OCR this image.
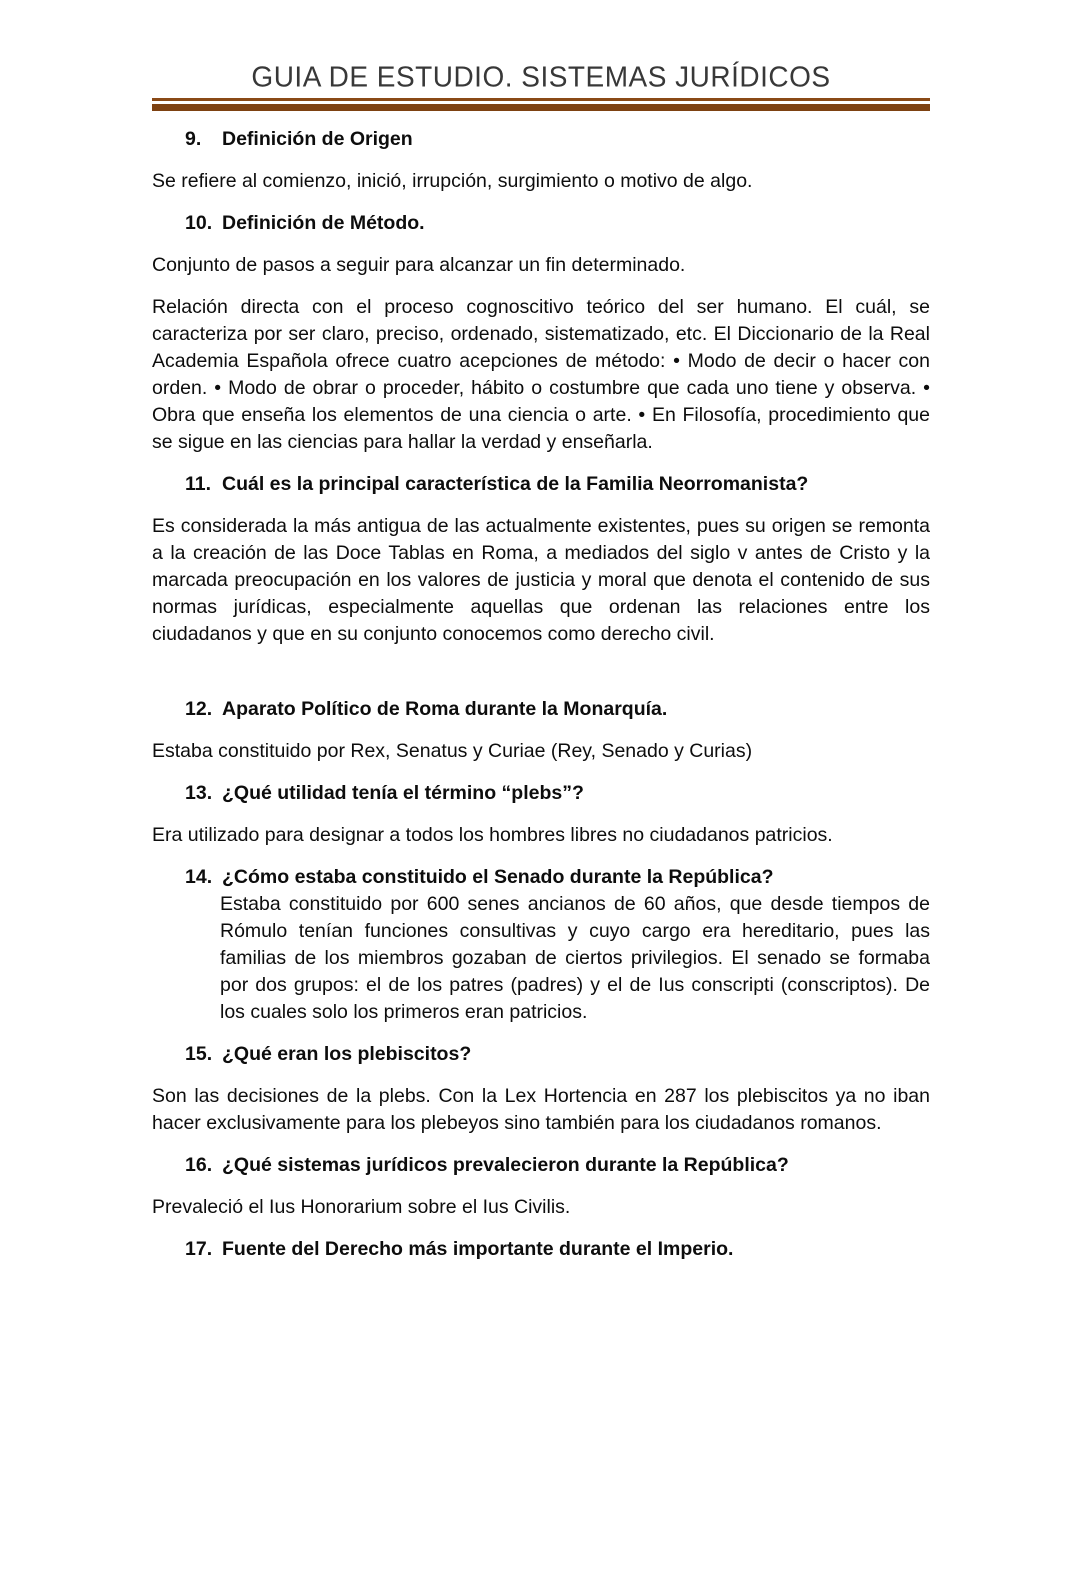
GUIA DE ESTUDIO. SISTEMAS JURÍDICOS
9. Definición de Origen
Se refiere al comienzo, inició, irrupción, surgimiento o motivo de algo.
10. Definición de Método.
Conjunto de pasos a seguir para alcanzar un fin determinado.
Relación directa con el proceso cognoscitivo teórico del ser humano. El cuál, se caracteriza por ser claro, preciso, ordenado, sistematizado, etc. El Diccionario de la Real Academia Española ofrece cuatro acepciones de método: • Modo de decir o hacer con orden. • Modo de obrar o proceder, hábito o costumbre que cada uno tiene y observa. • Obra que enseña los elementos de una ciencia o arte. • En Filosofía, procedimiento que se sigue en las ciencias para hallar la verdad y enseñarla.
11. Cuál es la principal característica de la Familia Neorromanista?
Es considerada la más antigua de las actualmente existentes, pues su origen se remonta a la creación de las Doce Tablas en Roma, a mediados del siglo v antes de Cristo y la marcada preocupación en los valores de justicia y moral que denota el contenido de sus normas jurídicas, especialmente aquellas que ordenan las relaciones entre los ciudadanos y que en su conjunto conocemos como derecho civil.
12. Aparato Político de Roma durante la Monarquía.
Estaba constituido por Rex, Senatus y Curiae (Rey, Senado y Curias)
13. ¿Qué utilidad tenía el término “plebs”?
Era utilizado para designar a todos los hombres libres no ciudadanos patricios.
14. ¿Cómo estaba constituido el Senado durante la República?
Estaba constituido por 600 senes ancianos de 60 años, que desde tiempos de Rómulo tenían funciones consultivas y cuyo cargo era hereditario, pues las familias de los miembros gozaban de ciertos privilegios. El senado se formaba por dos grupos: el de los patres (padres) y el de Ius conscripti (conscriptos). De los cuales solo los primeros eran patricios.
15. ¿Qué eran los plebiscitos?
Son las decisiones de la plebs. Con la Lex Hortencia en 287 los plebiscitos ya no iban hacer exclusivamente para los plebeyos sino también para los ciudadanos romanos.
16. ¿Qué sistemas jurídicos prevalecieron durante la República?
Prevaleció el Ius Honorarium sobre el Ius Civilis.
17. Fuente del Derecho más importante durante el Imperio.
